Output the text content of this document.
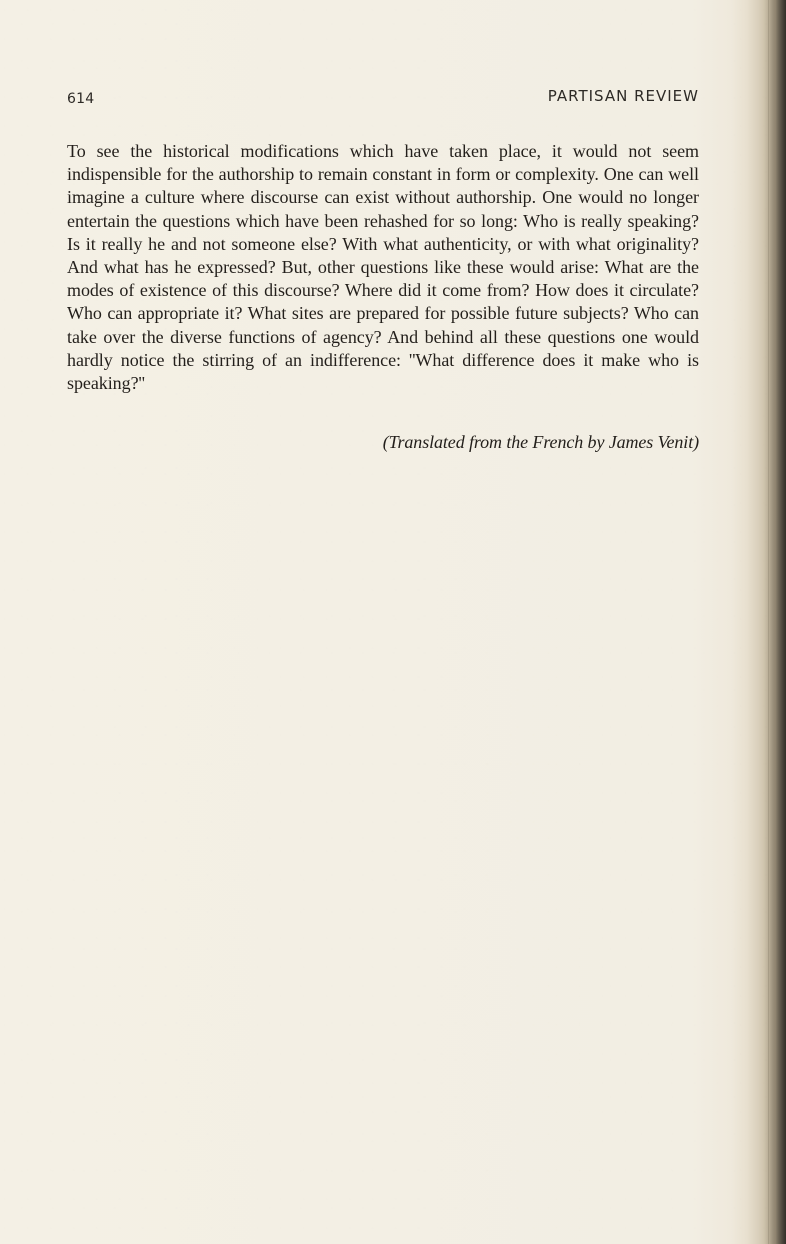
614	PARTISAN REVIEW
To see the historical modifications which have taken place, it would not seem indispensible for the authorship to remain constant in form or complexity. One can well imagine a culture where discourse can exist without authorship. One would no longer entertain the questions which have been rehashed for so long: Who is really speaking? Is it really he and not someone else? With what authenticity, or with what originality? And what has he expressed? But, other questions like these would arise: What are the modes of existence of this discourse? Where did it come from? How does it circulate? Who can appropriate it? What sites are prepared for possible future subjects? Who can take over the diverse functions of agency? And behind all these questions one would hardly notice the stirring of an indifference: ''What difference does it make who is speaking?''
(Translated from the French by James Venit)
